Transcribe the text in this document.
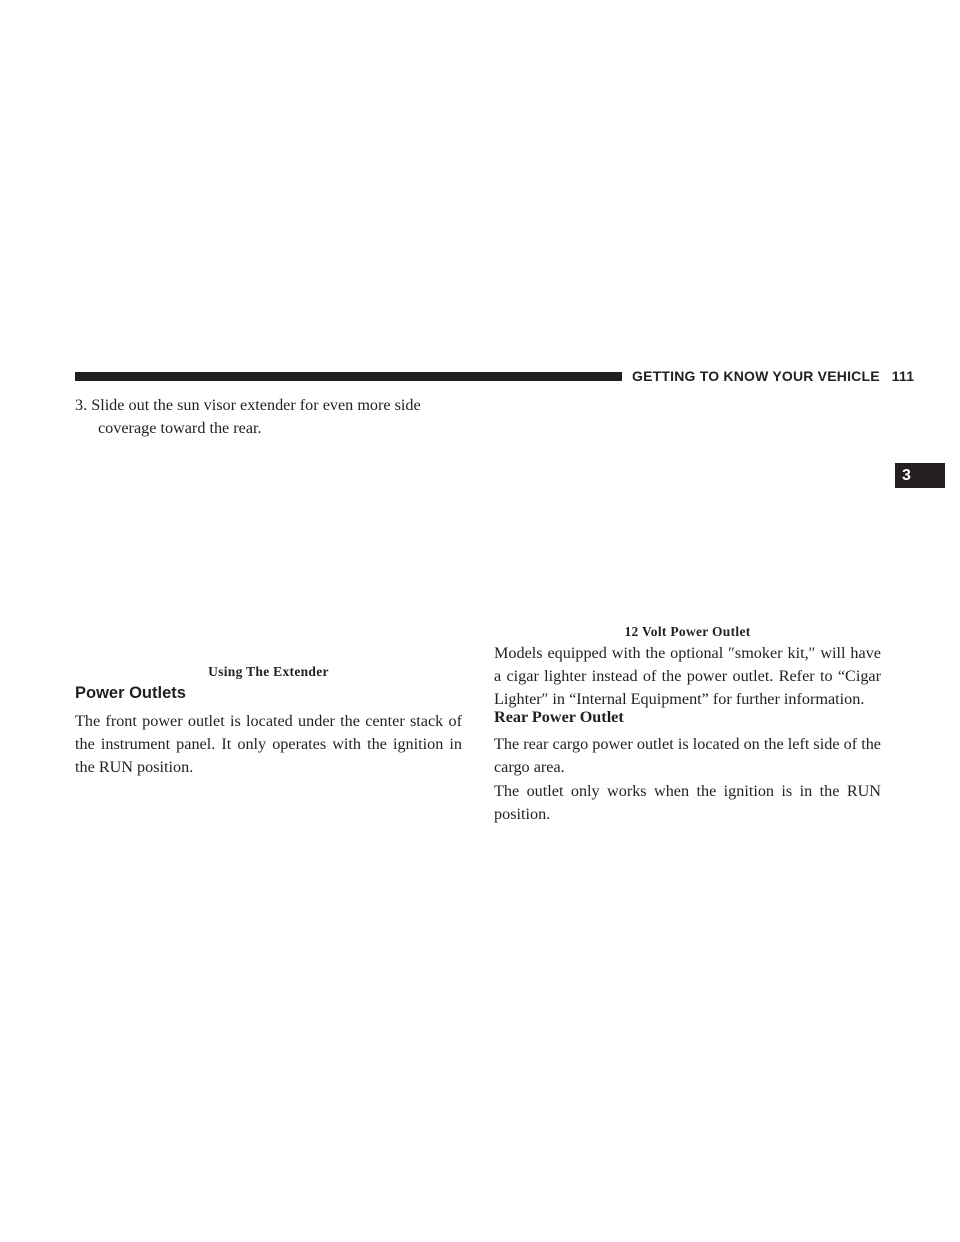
GETTING TO KNOW YOUR VEHICLE 111
3
3. Slide out the sun visor extender for even more side
coverage toward the rear.
Using The Extender
Power Outlets

The front power outlet is located under the center stack of the instrument panel. It only operates with the ignition in the RUN position.

12 Volt Power Outlet

Models equipped with the optional ″smoker kit,″ will have a cigar lighter instead of the power outlet. Refer to “Cigar Lighter″ in “Internal Equipment” for further information.

Rear Power Outlet

The rear cargo power outlet is located on the left side of the cargo area.

The outlet only works when the ignition is in the RUN position.
